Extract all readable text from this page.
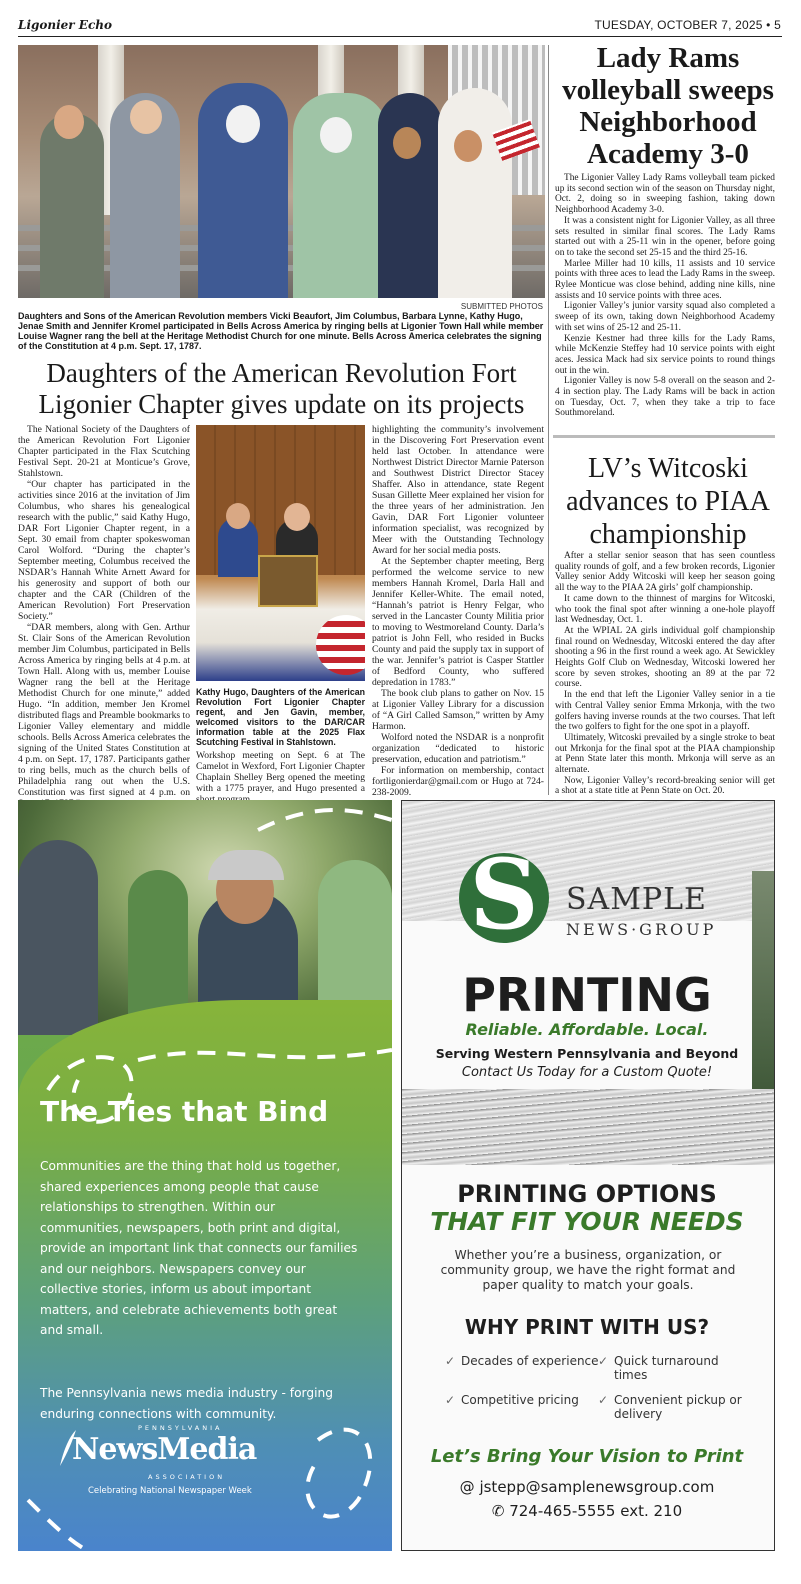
Ligonier Echo	TUESDAY, OCTOBER 7, 2025 • 5
SUBMITTED PHOTOS
Daughters and Sons of the American Revolution members Vicki Beaufort, Jim Columbus, Barbara Lynne, Kathy Hugo, Jenae Smith and Jennifer Kromel participated in Bells Across America by ringing bells at Ligonier Town Hall while member Louise Wagner rang the bell at the Heritage Methodist Church for one minute. Bells Across America celebrates the signing of the Constitution at 4 p.m. Sept. 17, 1787.
Daughters of the American Revolution Fort Ligonier Chapter gives update on its projects

The National Society of the Daughters of the American Revolution Fort Ligonier Chapter participated in the Flax Scutching Festival Sept. 20-21 at Monticue’s Grove, Stahlstown.

“Our chapter has participated in the activities since 2016 at the invitation of Jim Columbus, who shares his genealogical research with the public,” said Kathy Hugo, DAR Fort Ligonier Chapter regent, in a Sept. 30 email from chapter spokeswoman Carol Wolford. “During the chapter’s September meeting, Columbus received the NSDAR’s Hannah White Arnett Award for his generosity and support of both our chapter and the CAR (Children of the American Revolution) Fort Preservation Society.”

“DAR members, along with Gen. Arthur St. Clair Sons of the American Revolution member Jim Columbus, participated in Bells Across America by ringing bells at 4 p.m. at Town Hall. Along with us, member Louise Wagner rang the bell at the Heritage Methodist Church for one minute,” added Hugo. “In addition, member Jen Kromel distributed flags and Preamble bookmarks to Ligonier Valley elementary and middle schools. Bells Across America celebrates the signing of the United States Constitution at 4 p.m. on Sept. 17, 1787. Participants gather to ring bells, much as the church bells of Philadelphia rang out when the U.S. Constitution was first signed at 4 p.m. on

Kathy Hugo, Daughters of the American Revolution Fort Ligonier Chapter regent, and Jen Gavin, member, welcomed visitors to the DAR/CAR information table at the 2025 Flax Scutching Festival in Stahlstown.

Workshop meeting on Sept. 6 at The Camelot in Wexford, Fort Ligonier Chapter Chaplain Shelley Berg opened the meeting with a 1775 prayer, and Hugo presented a

highlighting the community’s involvement in the Discovering Fort Preservation event held last October. In attendance were Northwest District Director Marnie Paterson and Southwest District Director Stacey Shaffer. Also in attendance, state Regent Susan Gillette Meer explained her vision for the three years of her administration. Jen Gavin, DAR Fort Ligonier volunteer information specialist, was recognized by Meer with the Outstanding Technology Award for her social media posts.

At the September chapter meeting, Berg performed the welcome service to new members Hannah Kromel, Darla Hall and Jennifer Keller-White. The email noted, “Hannah’s patriot is Henry Felgar, who served in the Lancaster County Militia prior to moving to Westmoreland County. Darla’s patriot is John Fell, who resided in Bucks County and paid the supply tax in support of the war. Jennifer’s patriot is Casper Stattler of Bedford County, who suffered depredation in 1783.”

The book club plans to gather on Nov. 15 at Ligonier Valley Library for a discussion of “A Girl Called Samson,” written by Amy Harmon.

Wolford noted the NSDAR is a nonprofit organization “dedicated to historic preservation, education and patriotism.”

For information on membership, contact fortligonierdar@gmail.com or Hugo at 724-238-2009.

Lady Rams volleyball sweeps Neighborhood Academy 3-0

The Ligonier Valley Lady Rams volleyball team picked up its second section win of the season on Thursday night, Oct. 2, doing so in sweeping fashion, taking down Neighborhood Academy 3-0.

It was a consistent night for Ligonier Valley, as all three sets resulted in similar final scores. The Lady Rams started out with a 25-11 win in the opener, before going on to take the second set 25-15 and the third 25-16.

Marlee Miller had 10 kills, 11 assists and 10 service points with three aces to lead the Lady Rams in the sweep. Rylee Monticue was close behind, adding nine kills, nine assists and 10 service points with three aces.

Ligonier Valley’s junior varsity squad also completed a sweep of its own, taking down Neighborhood Academy with set wins of 25-12 and 25-11.

Kenzie Kestner had three kills for the Lady Rams, while McKenzie Steffey had 10 service points with eight aces. Jessica Mack had six service points to round things out in the win.

Ligonier Valley is now 5-8 overall on the season and 2-4 in section play. The Lady Rams will be back in action on Tuesday, Oct. 7, when they take a trip to face Southmoreland.

LV’s Witcoski advances to PIAA championship

After a stellar senior season that has seen countless quality rounds of golf, and a few broken records, Ligonier Valley senior Addy Witcoski will keep her season going all the way to the PIAA 2A girls’ golf championship.

It came down to the thinnest of margins for Witcoski, who took the final spot after winning a one-hole playoff last Wednesday, Oct. 1.

At the WPIAL 2A girls individual golf championship final round on Wednesday, Witcoski entered the day after shooting a 96 in the first round a week ago. At Sewickley Heights Golf Club on Wednesday, Witcoski lowered her score by seven strokes, shooting an 89 at the par 72 course.

In the end that left the Ligonier Valley senior in a tie with Central Valley senior Emma Mrkonja, with the two golfers having inverse rounds at the two courses. That left the two golfers to fight for the one spot in a playoff.

Ultimately, Witcoski prevailed by a single stroke to beat out Mrkonja for the final spot at the PIAA championship at Penn State later this month. Mrkonja will serve as an alternate.

Now, Ligonier Valley’s record-breaking senior will get a shot at a state title at Penn State on Oct. 20.

The Ties that Bind
Communities are the thing that hold us together, shared experiences among people that cause relationships to strengthen. Within our communities, newspapers, both print and digital, provide an important link that connects our families and our neighbors. Newspapers convey our collective stories, inform us about important matters, and celebrate achievements both great and small.
The Pennsylvania news media industry - forging enduring connections with community.
PENNSYLVANIA
NewsMedia
ASSOCIATION
Celebrating National Newspaper Week
S SAMPLE
NEWS·GROUP
PRINTING
Reliable. Affordable. Local.
Serving Western Pennsylvania and Beyond
Contact Us Today for a Custom Quote!
PRINTING OPTIONS
THAT FIT YOUR NEEDS
Whether you’re a business, organization, or community group, we have the right format and paper quality to match your goals.
WHY PRINT WITH US?
✓ Decades of experience ✓ Quick turnaround times
✓ Competitive pricing	✓ Convenient pickup or delivery
Let’s Bring Your Vision to Print
@ jstepp@samplenewsgroup.com
✆ 724-465-5555 ext. 210
